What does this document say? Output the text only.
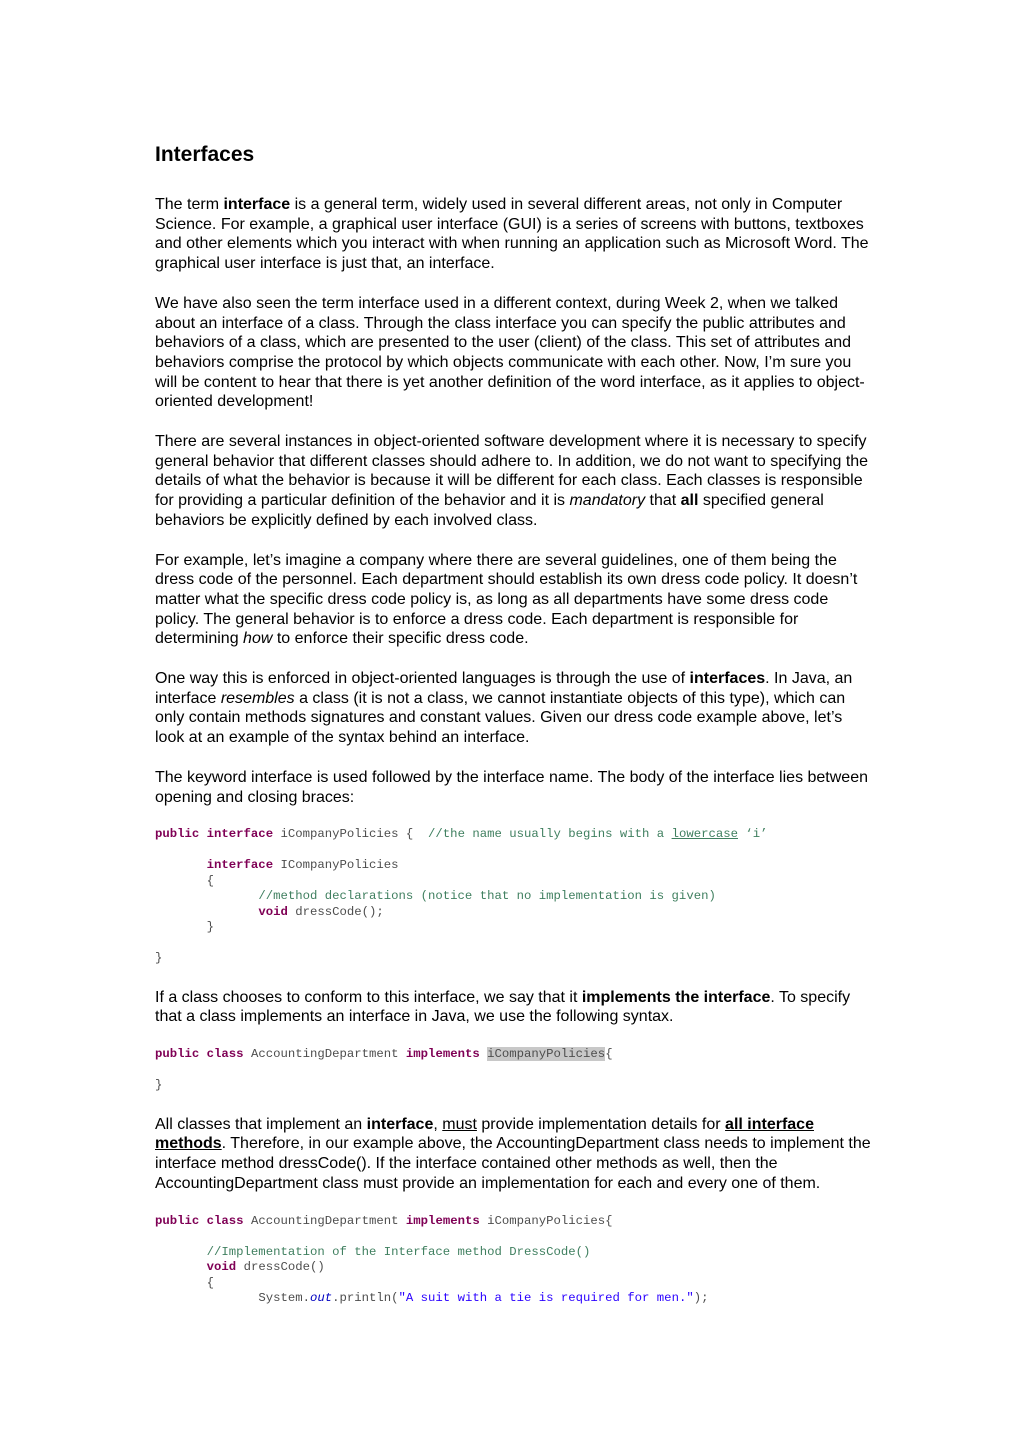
Interfaces

The term interface is a general term, widely used in several different areas, not only in Computer Science. For example, a graphical user interface (GUI) is a series of screens with buttons, textboxes and other elements which you interact with when running an application such as Microsoft Word. The graphical user interface is just that, an interface.

We have also seen the term interface used in a different context, during Week 2, when we talked about an interface of a class. Through the class interface you can specify the public attributes and behaviors of a class, which are presented to the user (client) of the class. This set of attributes and behaviors comprise the protocol by which objects communicate with each other. Now, I’m sure you will be content to hear that there is yet another definition of the word interface, as it applies to object-oriented development!

There are several instances in object-oriented software development where it is necessary to specify general behavior that different classes should adhere to. In addition, we do not want to specifying the details of what the behavior is because it will be different for each class. Each classes is responsible for providing a particular definition of the behavior and it is mandatory that all specified general behaviors be explicitly defined by each involved class.

For example, let’s imagine a company where there are several guidelines, one of them being the dress code of the personnel. Each department should establish its own dress code policy. It doesn’t matter what the specific dress code policy is, as long as all departments have some dress code policy. The general behavior is to enforce a dress code. Each department is responsible for determining how to enforce their specific dress code.

One way this is enforced in object-oriented languages is through the use of interfaces. In Java, an interface resembles a class (it is not a class, we cannot instantiate objects of this type), which can only contain methods signatures and constant values. Given our dress code example above, let’s look at an example of the syntax behind an interface.

The keyword interface is used followed by the interface name. The body of the interface lies between opening and closing braces:

public interface iCompanyPolicies {  //the name usually begins with a lowercase ‘i’

interface ICompanyPolicies
{
//method declarations (notice that no implementation is given)
void dressCode();
}

}

If a class chooses to conform to this interface, we say that it implements the interface. To specify that a class implements an interface in Java, we use the following syntax.

public class AccountingDepartment implements iCompanyPolicies{

}

All classes that implement an interface, must provide implementation details for all interface methods. Therefore, in our example above, the AccountingDepartment class needs to implement the interface method dressCode(). If the interface contained other methods as well, then the AccountingDepartment class must provide an implementation for each and every one of them.

public class AccountingDepartment implements iCompanyPolicies{

//Implementation of the Interface method DressCode()
void dressCode()
{
System.out.println("A suit with a tie is required for men.");
